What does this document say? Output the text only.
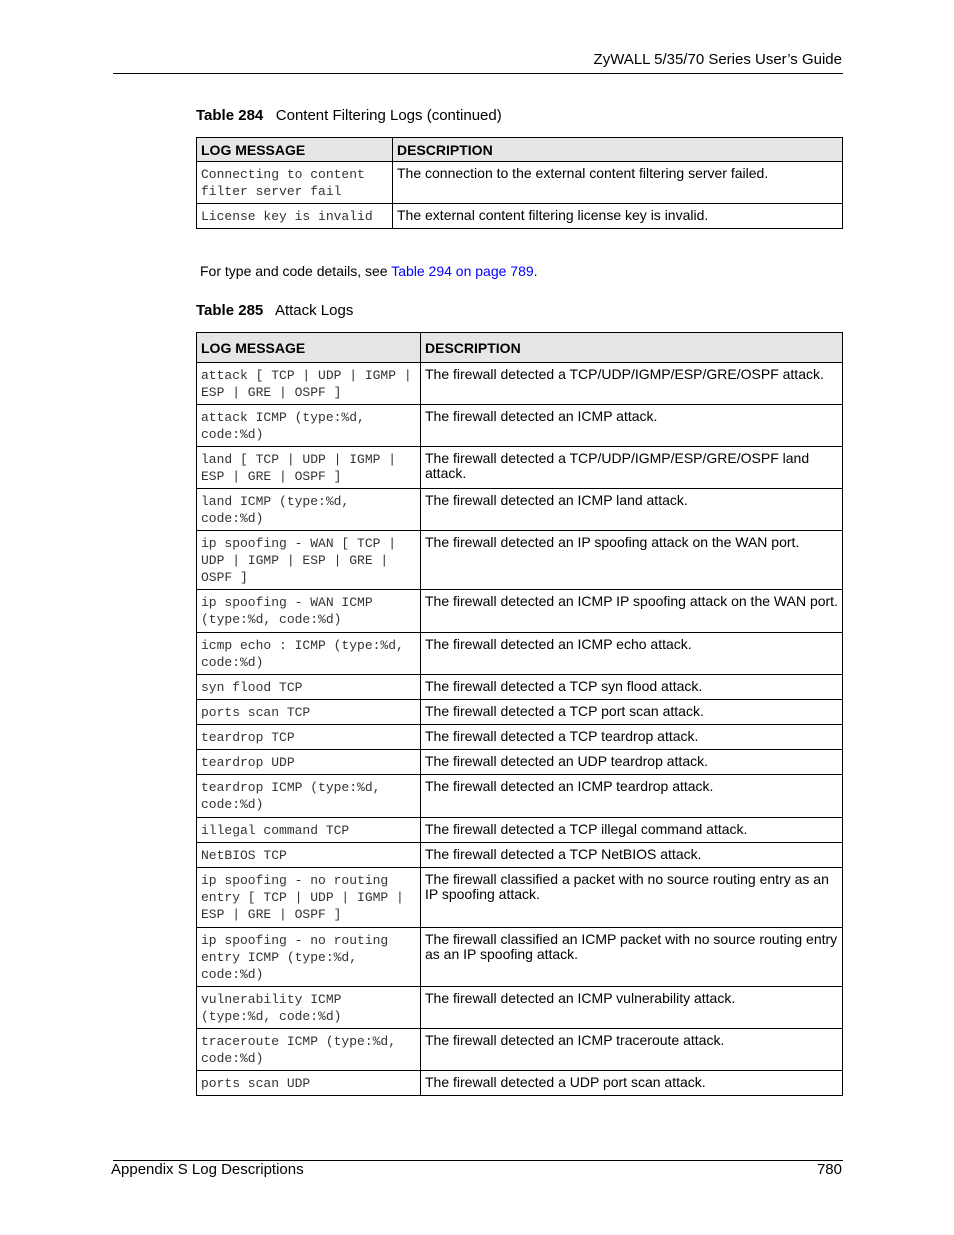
ZyWALL 5/35/70 Series User’s Guide
Table 284 Content Filtering Logs (continued)
LOG MESSAGE	DESCRIPTION
Connecting to content filter server fail	The connection to the external content filtering server failed.
License key is invalid	The external content filtering license key is invalid.
For type and code details, see Table 294 on page 789.
Table 285 Attack Logs
LOG MESSAGE	DESCRIPTION
attack [ TCP | UDP | IGMP | ESP | GRE | OSPF ]	The firewall detected a TCP/UDP/IGMP/ESP/GRE/OSPF attack.
attack ICMP (type:%d, code:%d)	The firewall detected an ICMP attack.
land [ TCP | UDP | IGMP | ESP | GRE | OSPF ]	The firewall detected a TCP/UDP/IGMP/ESP/GRE/OSPF land attack.
land ICMP (type:%d, code:%d)	The firewall detected an ICMP land attack.
ip spoofing - WAN [ TCP | UDP | IGMP | ESP | GRE | OSPF ]	The firewall detected an IP spoofing attack on the WAN port.
ip spoofing - WAN ICMP (type:%d, code:%d)	The firewall detected an ICMP IP spoofing attack on the WAN port.
icmp echo : ICMP (type:%d, code:%d)	The firewall detected an ICMP echo attack.
syn flood TCP	The firewall detected a TCP syn flood attack.
ports scan TCP	The firewall detected a TCP port scan attack.
teardrop TCP	The firewall detected a TCP teardrop attack.
teardrop UDP	The firewall detected an UDP teardrop attack.
teardrop ICMP (type:%d, code:%d)	The firewall detected an ICMP teardrop attack.
illegal command TCP	The firewall detected a TCP illegal command attack.
NetBIOS TCP	The firewall detected a TCP NetBIOS attack.
ip spoofing - no routing entry [ TCP | UDP | IGMP | ESP | GRE | OSPF ]	The firewall classified a packet with no source routing entry as an IP spoofing attack.
ip spoofing - no routing entry ICMP (type:%d, code:%d)	The firewall classified an ICMP packet with no source routing entry as an IP spoofing attack.
vulnerability ICMP (type:%d, code:%d)	The firewall detected an ICMP vulnerability attack.
traceroute ICMP (type:%d, code:%d)	The firewall detected an ICMP traceroute attack.
ports scan UDP	The firewall detected a UDP port scan attack.
Appendix S Log Descriptions	780
